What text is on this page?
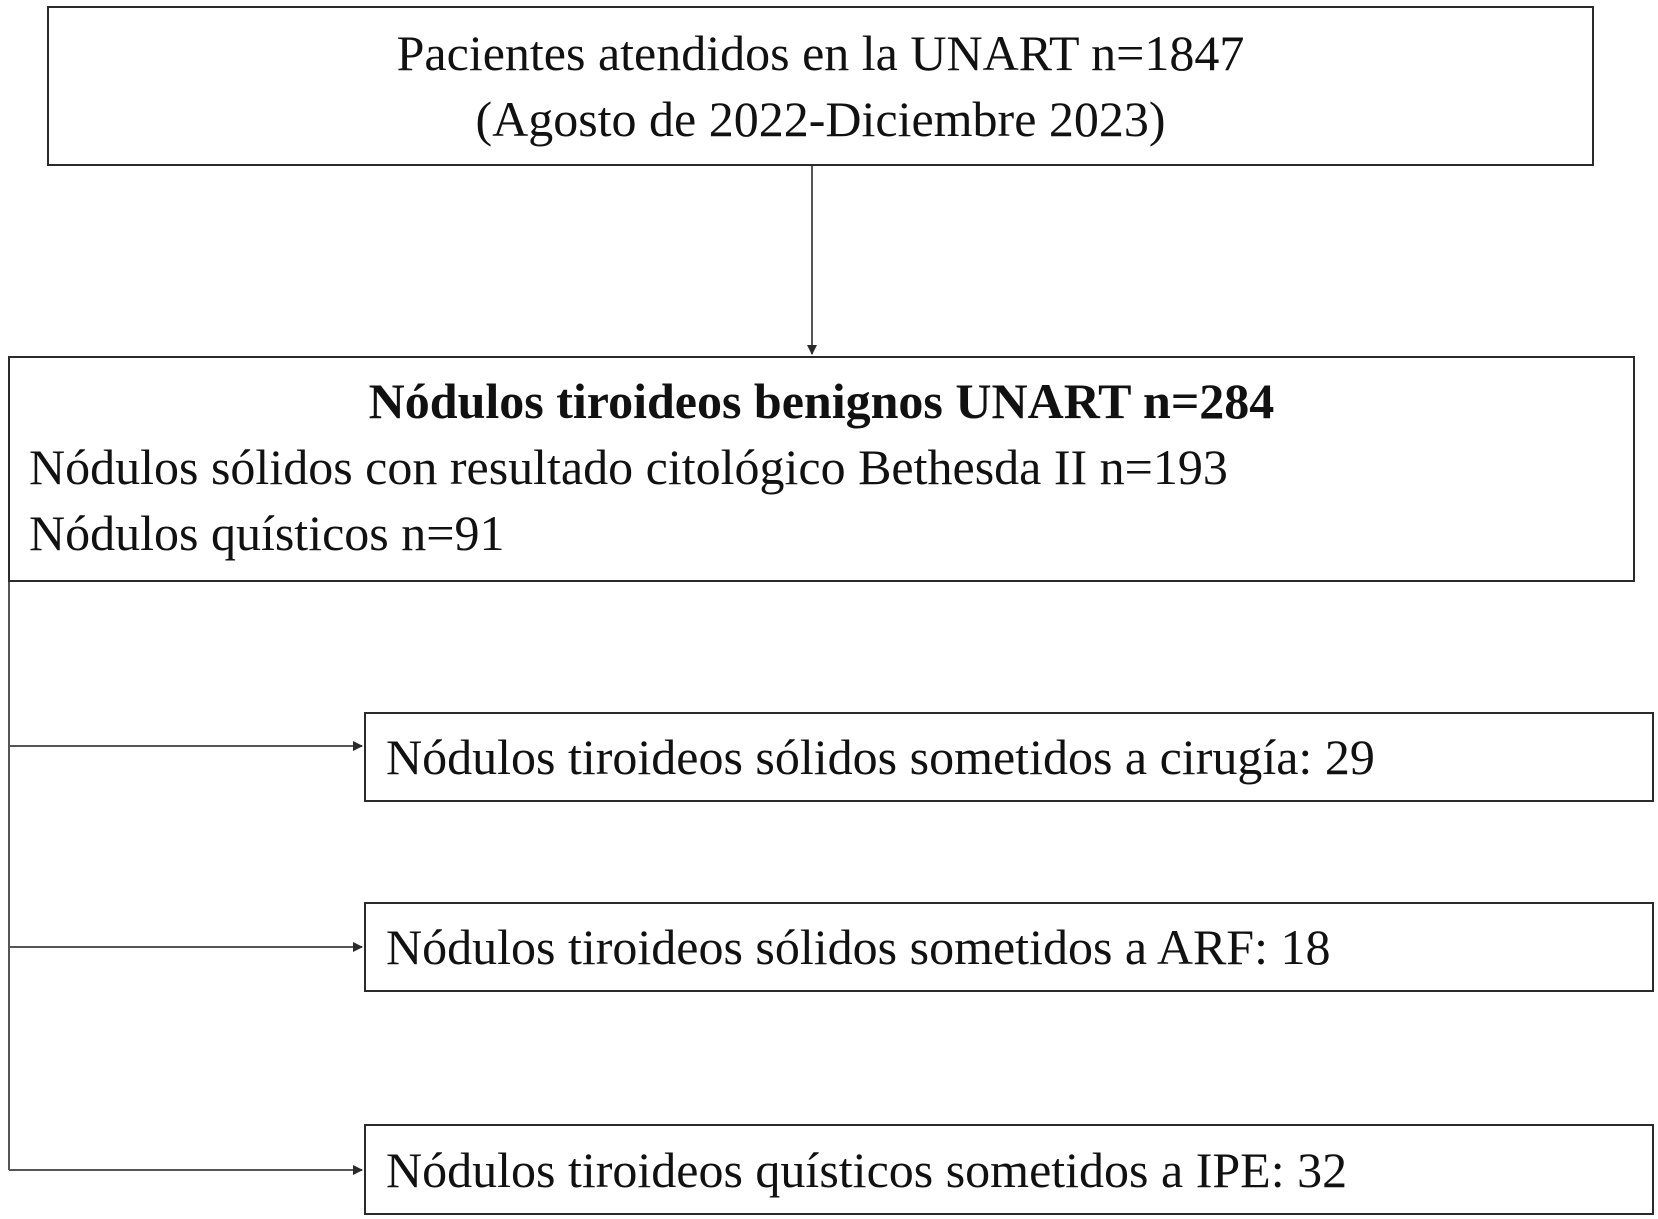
Pacientes atendidos en la UNART n=1847
(Agosto de 2022-Diciembre 2023)
Nódulos tiroideos benignos UNART n=284
Nódulos sólidos con resultado citológico Bethesda II n=193
Nódulos quísticos n=91
Nódulos tiroideos sólidos sometidos a cirugía: 29
Nódulos tiroideos sólidos sometidos a ARF: 18
Nódulos tiroideos quísticos sometidos a IPE: 32
